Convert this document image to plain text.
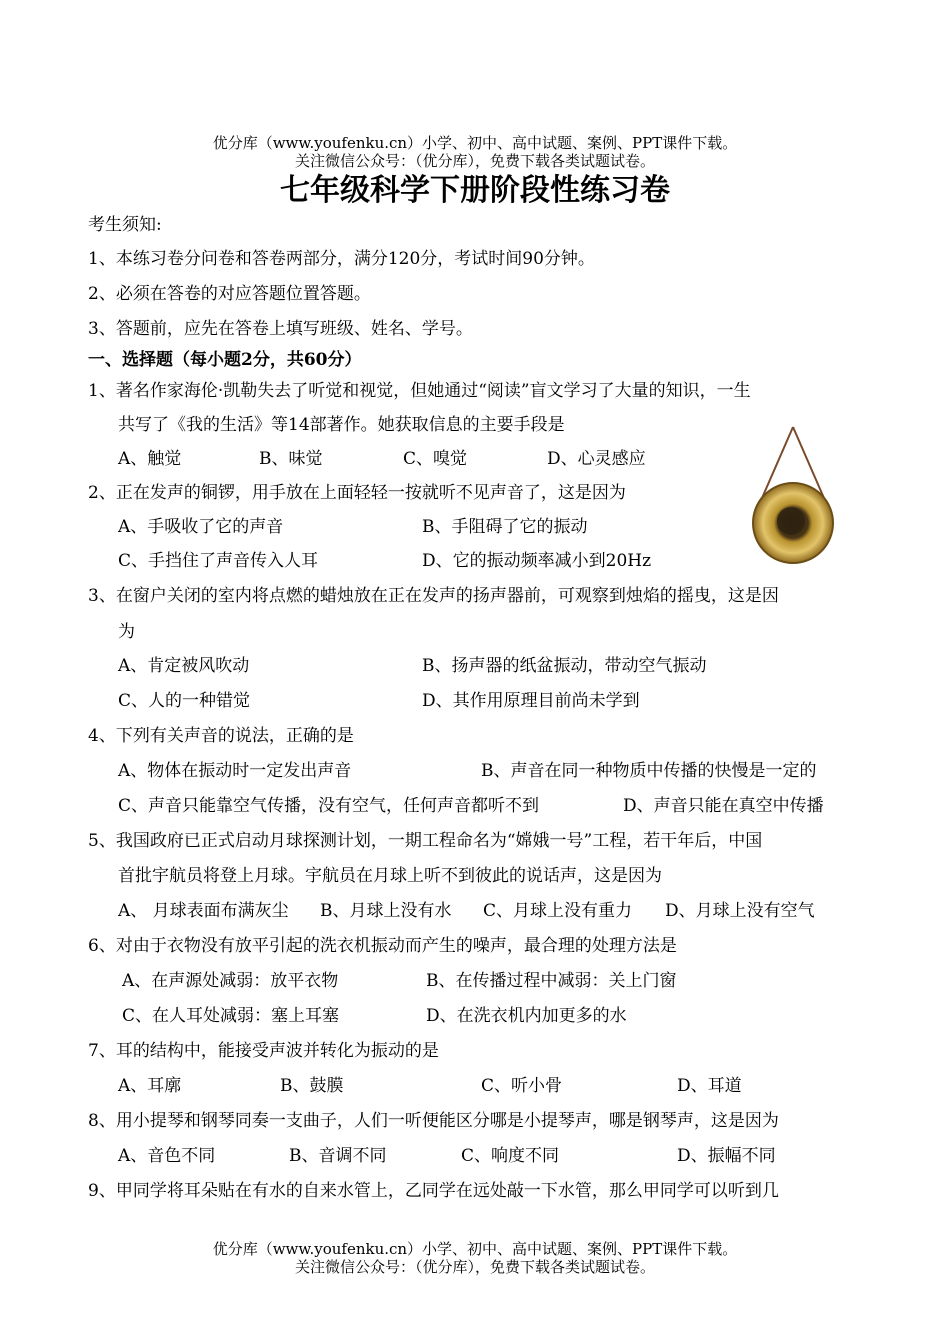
优分库（www.youfenku.cn）小学、初中、高中试题、案例、PPT课件下载。
关注微信公众号：（优分库），免费下载各类试题试卷。
七年级科学下册阶段性练习卷
考生须知:
1、本练习卷分问卷和答卷两部分，满分120分，考试时间90分钟。
2、必须在答卷的对应答题位置答题。
3、答题前，应先在答卷上填写班级、姓名、学号。
一、选择题（每小题2分，共60分）
1、著名作家海伦·凯勒失去了听觉和视觉，但她通过“阅读”盲文学习了大量的知识，一生
共写了《我的生活》等14部著作。她获取信息的主要手段是
A、触觉	B、味觉	C、嗅觉	D、心灵感应
2、正在发声的铜锣，用手放在上面轻轻一按就听不见声音了，这是因为
A、手吸收了它的声音	B、手阻碍了它的振动
C、手挡住了声音传入人耳	D、它的振动频率减小到20Hz
3、在窗户关闭的室内将点燃的蜡烛放在正在发声的扬声器前，可观察到烛焰的摇曳，这是因
为
A、肯定被风吹动	B、扬声器的纸盆振动，带动空气振动
C、人的一种错觉	D、其作用原理目前尚未学到
4、下列有关声音的说法，正确的是
A、物体在振动时一定发出声音	B、声音在同一种物质中传播的快慢是一定的
C、声音只能靠空气传播，没有空气，任何声音都听不到	D、声音只能在真空中传播
5、我国政府已正式启动月球探测计划，一期工程命名为“嫦娥一号”工程，若干年后，中国
首批宇航员将登上月球。宇航员在月球上听不到彼此的说话声，这是因为
A、 月球表面布满灰尘 B、月球上没有水 C、月球上没有重力 D、月球上没有空气
6、对由于衣物没有放平引起的洗衣机振动而产生的噪声，最合理的处理方法是
A、在声源处减弱：放平衣物	B、在传播过程中减弱：关上门窗
C、在人耳处减弱：塞上耳塞	D、在洗衣机内加更多的水
7、耳的结构中，能接受声波并转化为振动的是
A、耳廓	B、鼓膜	C、听小骨	D、耳道
8、用小提琴和钢琴同奏一支曲子，人们一听便能区分哪是小提琴声，哪是钢琴声，这是因为
A、音色不同	B、音调不同	C、响度不同	D、振幅不同
9、甲同学将耳朵贴在有水的自来水管上，乙同学在远处敲一下水管，那么甲同学可以听到几
优分库（www.youfenku.cn）小学、初中、高中试题、案例、PPT课件下载。
关注微信公众号：（优分库），免费下载各类试题试卷。
